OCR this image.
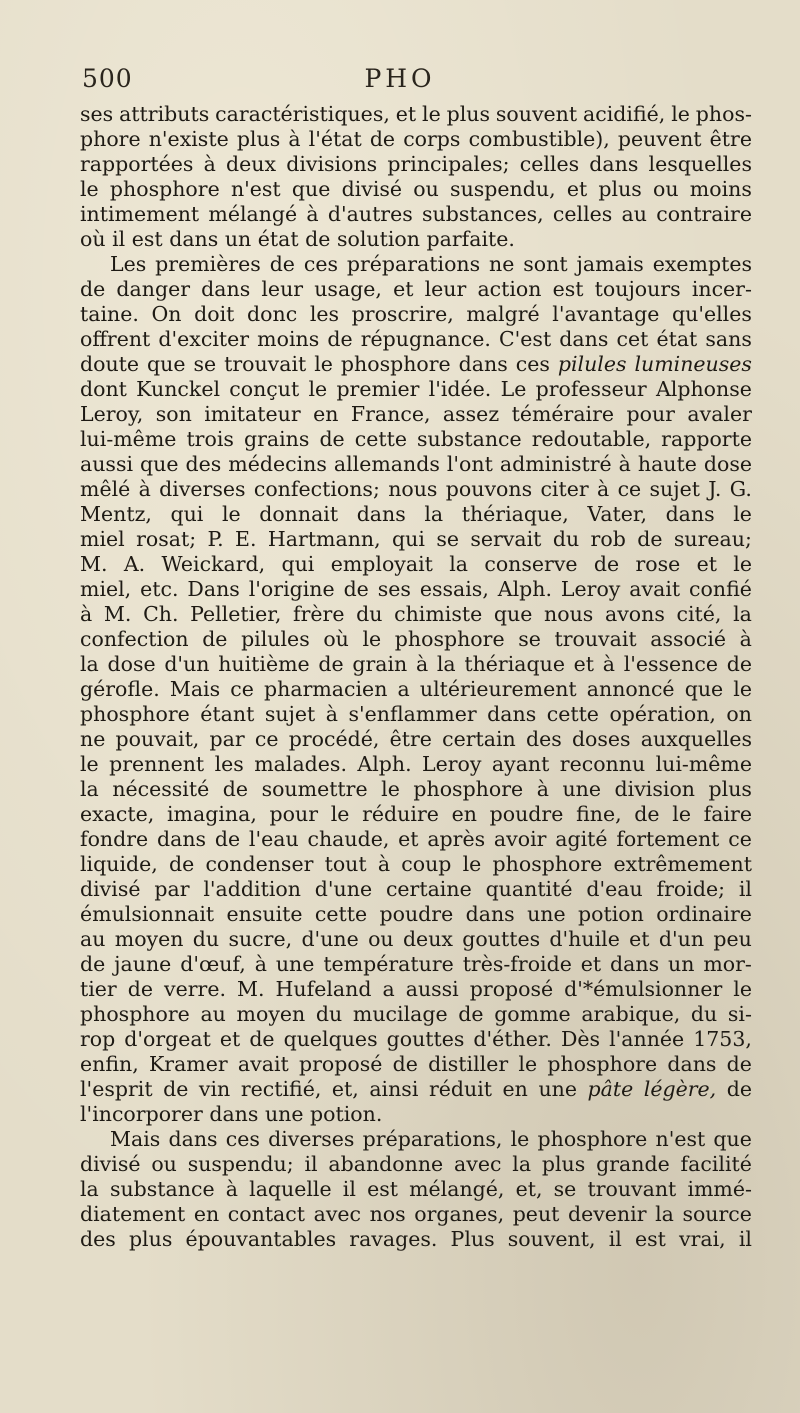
500	PHO
ses attributs caractéristiques, et le plus souvent acidifié, le phos-
phore n'existe plus à l'état de corps combustible), peuvent être
rapportées à deux divisions principales; celles dans lesquelles
le phosphore n'est que divisé ou suspendu, et plus ou moins
intimement mélangé à d'autres substances, celles au contraire
où il est dans un état de solution parfaite.
Les premières de ces préparations ne sont jamais exemptes
de danger dans leur usage, et leur action est toujours incer-
taine. On doit donc les proscrire, malgré l'avantage qu'elles
offrent d'exciter moins de répugnance. C'est dans cet état sans
doute que se trouvait le phosphore dans ces pilules lumineuses
dont Kunckel conçut le premier l'idée. Le professeur Alphonse
Leroy, son imitateur en France, assez téméraire pour avaler
lui-même trois grains de cette substance redoutable, rapporte
aussi que des médecins allemands l'ont administré à haute dose
mêlé à diverses confections; nous pouvons citer à ce sujet J. G.
Mentz, qui le donnait dans la thériaque, Vater, dans le
miel rosat; P. E. Hartmann, qui se servait du rob de sureau;
M. A. Weickard, qui employait la conserve de rose et le
miel, etc. Dans l'origine de ses essais, Alph. Leroy avait confié
à M. Ch. Pelletier, frère du chimiste que nous avons cité, la
confection de pilules où le phosphore se trouvait associé à
la dose d'un huitième de grain à la thériaque et à l'essence de
gérofle. Mais ce pharmacien a ultérieurement annoncé que le
phosphore étant sujet à s'enflammer dans cette opération, on
ne pouvait, par ce procédé, être certain des doses auxquelles
le prennent les malades. Alph. Leroy ayant reconnu lui-même
la nécessité de soumettre le phosphore à une division plus
exacte, imagina, pour le réduire en poudre fine, de le faire
fondre dans de l'eau chaude, et après avoir agité fortement ce
liquide, de condenser tout à coup le phosphore extrêmement
divisé par l'addition d'une certaine quantité d'eau froide; il
émulsionnait ensuite cette poudre dans une potion ordinaire
au moyen du sucre, d'une ou deux gouttes d'huile et d'un peu
de jaune d'œuf, à une température très-froide et dans un mor-
tier de verre. M. Hufeland a aussi proposé d'*émulsionner le
phosphore au moyen du mucilage de gomme arabique, du si-
rop d'orgeat et de quelques gouttes d'éther. Dès l'année 1753,
enfin, Kramer avait proposé de distiller le phosphore dans de
l'esprit de vin rectifié, et, ainsi réduit en une pâte légère, de
l'incorporer dans une potion.
Mais dans ces diverses préparations, le phosphore n'est que
divisé ou suspendu; il abandonne avec la plus grande facilité
la substance à laquelle il est mélangé, et, se trouvant immé-
diatement en contact avec nos organes, peut devenir la source
des plus épouvantables ravages. Plus souvent, il est vrai, il
